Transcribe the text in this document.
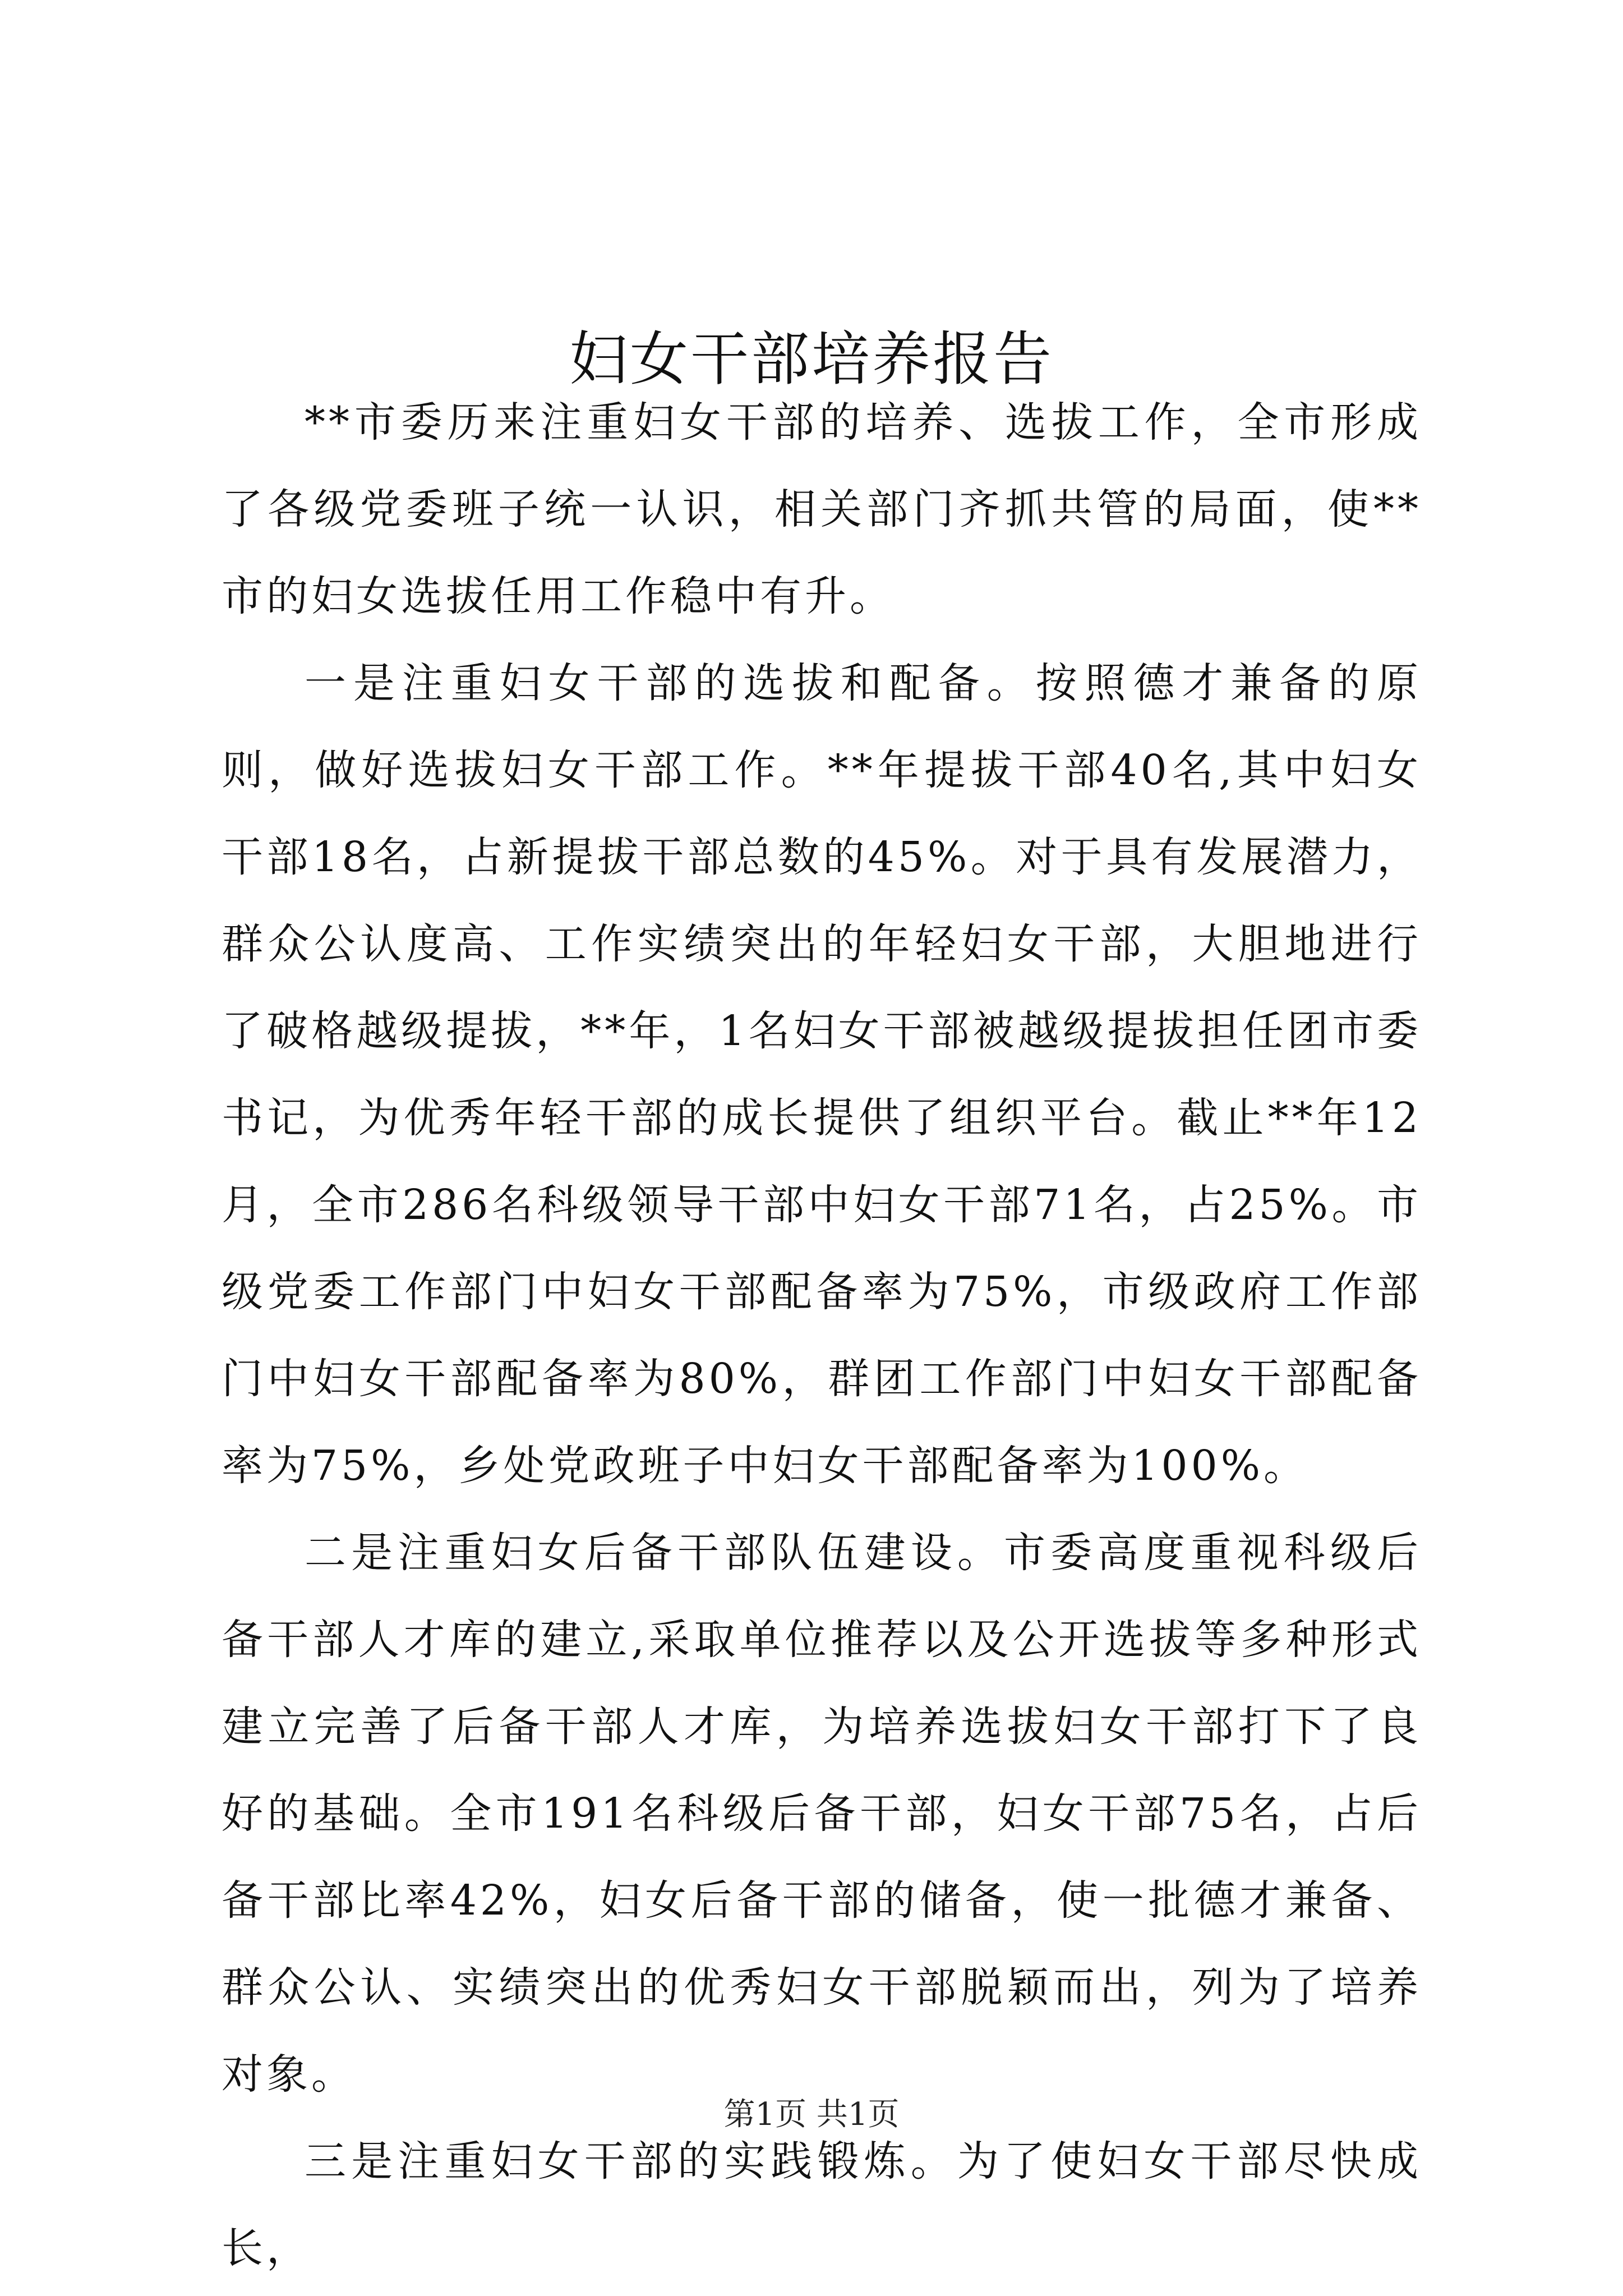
妇女干部培养报告

**市委历来注重妇女干部的培养、选拔工作，全市形成了各级党委班子统一认识，相关部门齐抓共管的局面，使**市的妇女选拔任用工作稳中有升。

一是注重妇女干部的选拔和配备。按照德才兼备的原则，做好选拔妇女干部工作。**年提拔干部40名,其中妇女干部18名，占新提拔干部总数的45%。对于具有发展潜力，群众公认度高、工作实绩突出的年轻妇女干部，大胆地进行了破格越级提拔，**年，1名妇女干部被越级提拔担任团市委书记，为优秀年轻干部的成长提供了组织平台。截止**年12月，全市286名科级领导干部中妇女干部71名，占25%。市级党委工作部门中妇女干部配备率为75%，市级政府工作部门中妇女干部配备率为80%，群团工作部门中妇女干部配备率为75%，乡处党政班子中妇女干部配备率为100%。

二是注重妇女后备干部队伍建设。市委高度重视科级后备干部人才库的建立,采取单位推荐以及公开选拔等多种形式建立完善了后备干部人才库，为培养选拔妇女干部打下了良好的基础。全市191名科级后备干部，妇女干部75名，占后备干部比率42%，妇女后备干部的储备，使一批德才兼备、群众公认、实绩突出的优秀妇女干部脱颖而出，列为了培养对象。

三是注重妇女干部的实践锻炼。为了使妇女干部尽快成长，

第1页 共1页
